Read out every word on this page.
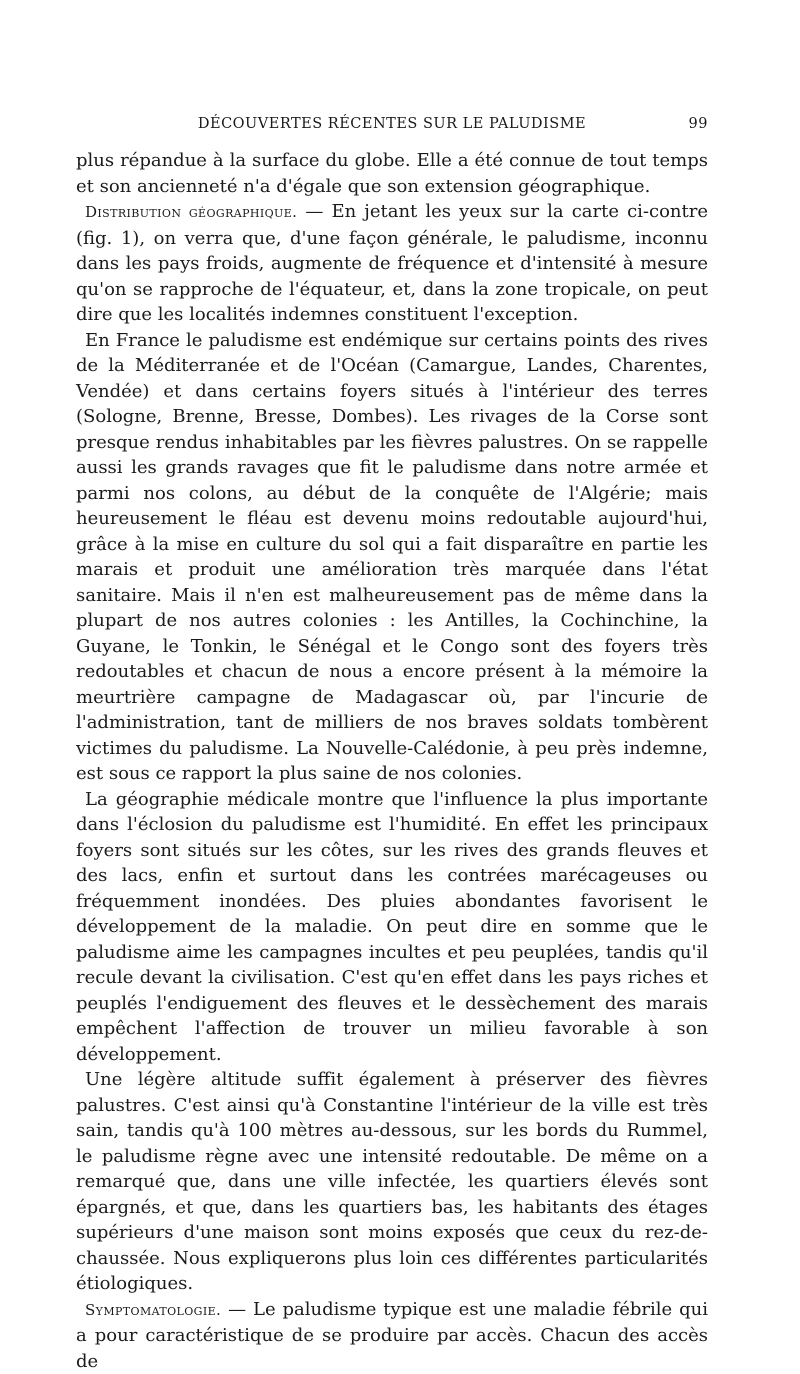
DÉCOUVERTES RÉCENTES SUR LE PALUDISME	99

plus répandue à la surface du globe. Elle a été connue de tout temps et son ancienneté n'a d'égale que son extension géographique.

Distribution géographique. — En jetant les yeux sur la carte ci-contre (fig. 1), on verra que, d'une façon générale, le paludisme, inconnu dans les pays froids, augmente de fréquence et d'intensité à mesure qu'on se rapproche de l'équateur, et, dans la zone tropicale, on peut dire que les localités indemnes constituent l'exception.

En France le paludisme est endémique sur certains points des rives de la Méditerranée et de l'Océan (Camargue, Landes, Charentes, Vendée) et dans certains foyers situés à l'intérieur des terres (Sologne, Brenne, Bresse, Dombes). Les rivages de la Corse sont presque rendus inhabitables par les fièvres palustres. On se rappelle aussi les grands ravages que fit le paludisme dans notre armée et parmi nos colons, au début de la conquête de l'Algérie; mais heureusement le fléau est devenu moins redoutable aujourd'hui, grâce à la mise en culture du sol qui a fait disparaître en partie les marais et produit une amélioration très marquée dans l'état sanitaire. Mais il n'en est malheureusement pas de même dans la plupart de nos autres colonies : les Antilles, la Cochinchine, la Guyane, le Tonkin, le Sénégal et le Congo sont des foyers très redoutables et chacun de nous a encore présent à la mémoire la meurtrière campagne de Madagascar où, par l'incurie de l'administration, tant de milliers de nos braves soldats tombèrent victimes du paludisme. La Nouvelle-Calédonie, à peu près indemne, est sous ce rapport la plus saine de nos colonies.

La géographie médicale montre que l'influence la plus importante dans l'éclosion du paludisme est l'humidité. En effet les principaux foyers sont situés sur les côtes, sur les rives des grands fleuves et des lacs, enfin et surtout dans les contrées marécageuses ou fréquemment inondées. Des pluies abondantes favorisent le développement de la maladie. On peut dire en somme que le paludisme aime les campagnes incultes et peu peuplées, tandis qu'il recule devant la civilisation. C'est qu'en effet dans les pays riches et peuplés l'endiguement des fleuves et le dessèchement des marais empêchent l'affection de trouver un milieu favorable à son développement.

Une légère altitude suffit également à préserver des fièvres palustres. C'est ainsi qu'à Constantine l'intérieur de la ville est très sain, tandis qu'à 100 mètres au-dessous, sur les bords du Rummel, le paludisme règne avec une intensité redoutable. De même on a remarqué que, dans une ville infectée, les quartiers élevés sont épargnés, et que, dans les quartiers bas, les habitants des étages supérieurs d'une maison sont moins exposés que ceux du rez-de-chaussée. Nous expliquerons plus loin ces différentes particularités étiologiques.

Symptomatologie. — Le paludisme typique est une maladie fébrile qui a pour caractéristique de se produire par accès. Chacun des accès de
